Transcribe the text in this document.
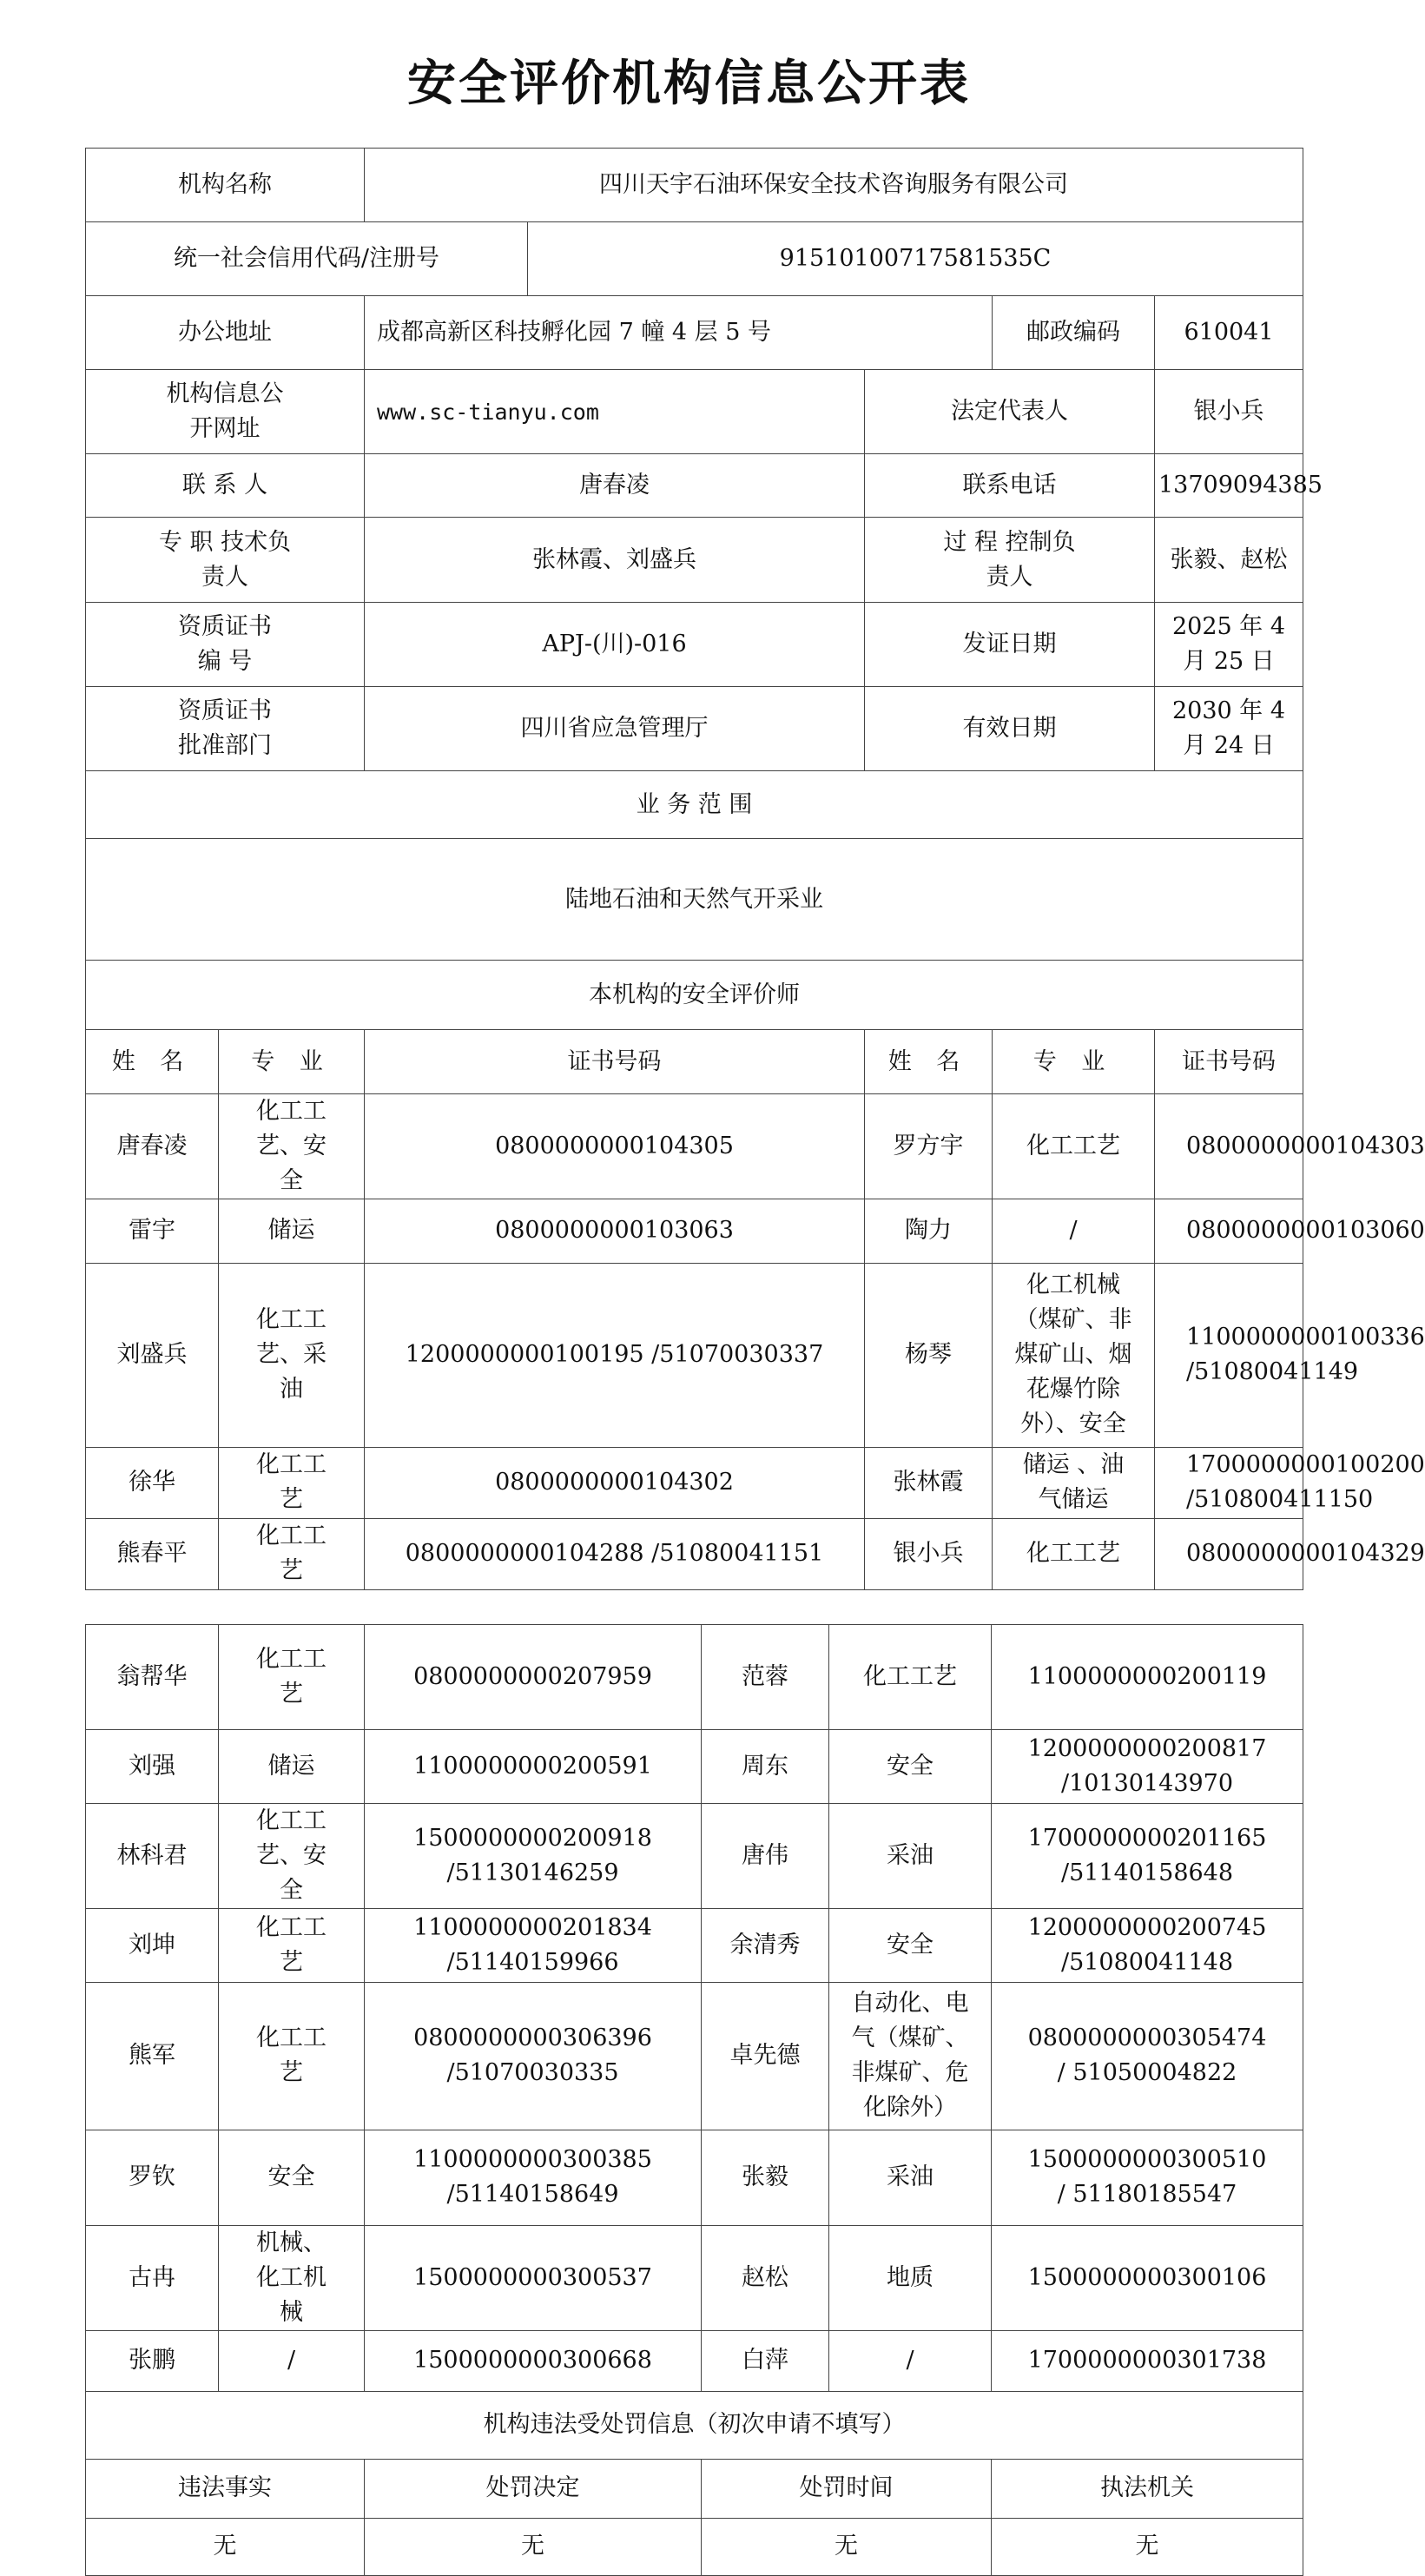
安全评价机构信息公开表
机构名称		四川天宇石油环保安全技术咨询服务有限公司				
统一社会信用代码/注册号			91510100717581535C			
办公地址		成都高新区科技孵化园 7 幢 4 层 5 号			邮政编码	610041
机构信息公开网址		www.sc-tianyu.com		法定代表人		银小兵
联 系 人		唐春凌		联系电话		13709094385
专 职 技术负责人		张林霞、刘盛兵		过 程 控制负责人		张毅、赵松
资质证书 编 号		APJ-(川)-016		发证日期		2025 年 4 月 25 日
资质证书批准部门		四川省应急管理厅		有效日期		2030 年 4 月 24 日
业 务 范 围						
陆地石油和天然气开采业						
本机构的安全评价师						
姓 名	专 业	证书号码		姓 名	专 业	证书号码
唐春凌	化工工艺、安全	0800000000104305		罗方宇	化工工艺	0800000000104303
雷宇	储运	0800000000103063		陶力	/	0800000000103060
刘盛兵	化工工艺、采油	1200000000100195 /51070030337		杨琴	化工机械（煤矿、非煤矿山、烟花爆竹除外）、安全	1100000000100336 /51080041149
徐华	化工工艺	0800000000104302		张林霞	储运 、油气储运	1700000000100200 /510800411150
熊春平	化工工艺	0800000000104288 /51080041151		银小兵	化工工艺	0800000000104329
翁帮华	化工工艺	0800000000207959	范蓉	化工工艺	1100000000200119
刘强	储运	1100000000200591	周东	安全	1200000000200817 /10130143970
林科君	化工工艺、安全	1500000000200918 /51130146259	唐伟	采油	1700000000201165 /51140158648
刘坤	化工工艺	1100000000201834 /51140159966	余清秀	安全	1200000000200745 /51080041148
熊军	化工工艺	0800000000306396 /51070030335	卓先德	自动化、电气（煤矿、非煤矿、危化除外）	0800000000305474 / 51050004822
罗钦	安全	1100000000300385 /51140158649	张毅	采油	1500000000300510 / 51180185547
古冉	机械、化工机械	1500000000300537	赵松	地质	1500000000300106
张鹏	/	1500000000300668	白萍	/	1700000000301738
机构违法受处罚信息（初次申请不填写）					
违法事实		处罚决定	处罚时间		执法机关
无		无	无		无
